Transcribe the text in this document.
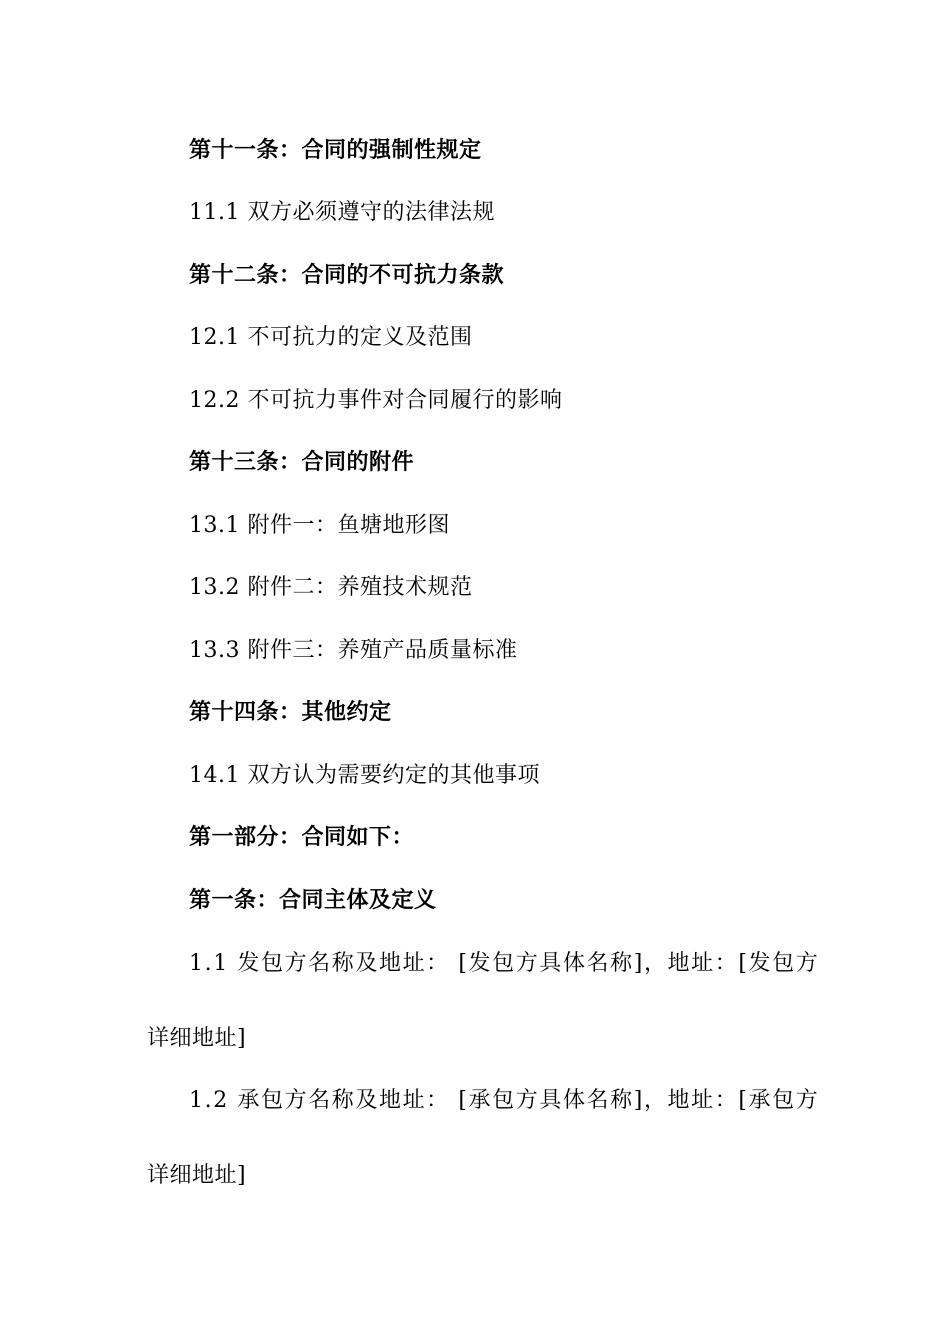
第十一条：合同的强制性规定
11.1 双方必须遵守的法律法规
第十二条：合同的不可抗力条款
12.1 不可抗力的定义及范围
12.2 不可抗力事件对合同履行的影响
第十三条：合同的附件
13.1 附件一：鱼塘地形图
13.2 附件二：养殖技术规范
13.3 附件三：养殖产品质量标准
第十四条：其他约定
14.1 双方认为需要约定的其他事项
第一部分：合同如下：
第一条：合同主体及定义
1.1 发包方名称及地址： [发包方具体名称]，地址：[发包方
详细地址]
1.2 承包方名称及地址： [承包方具体名称]，地址：[承包方
详细地址]
